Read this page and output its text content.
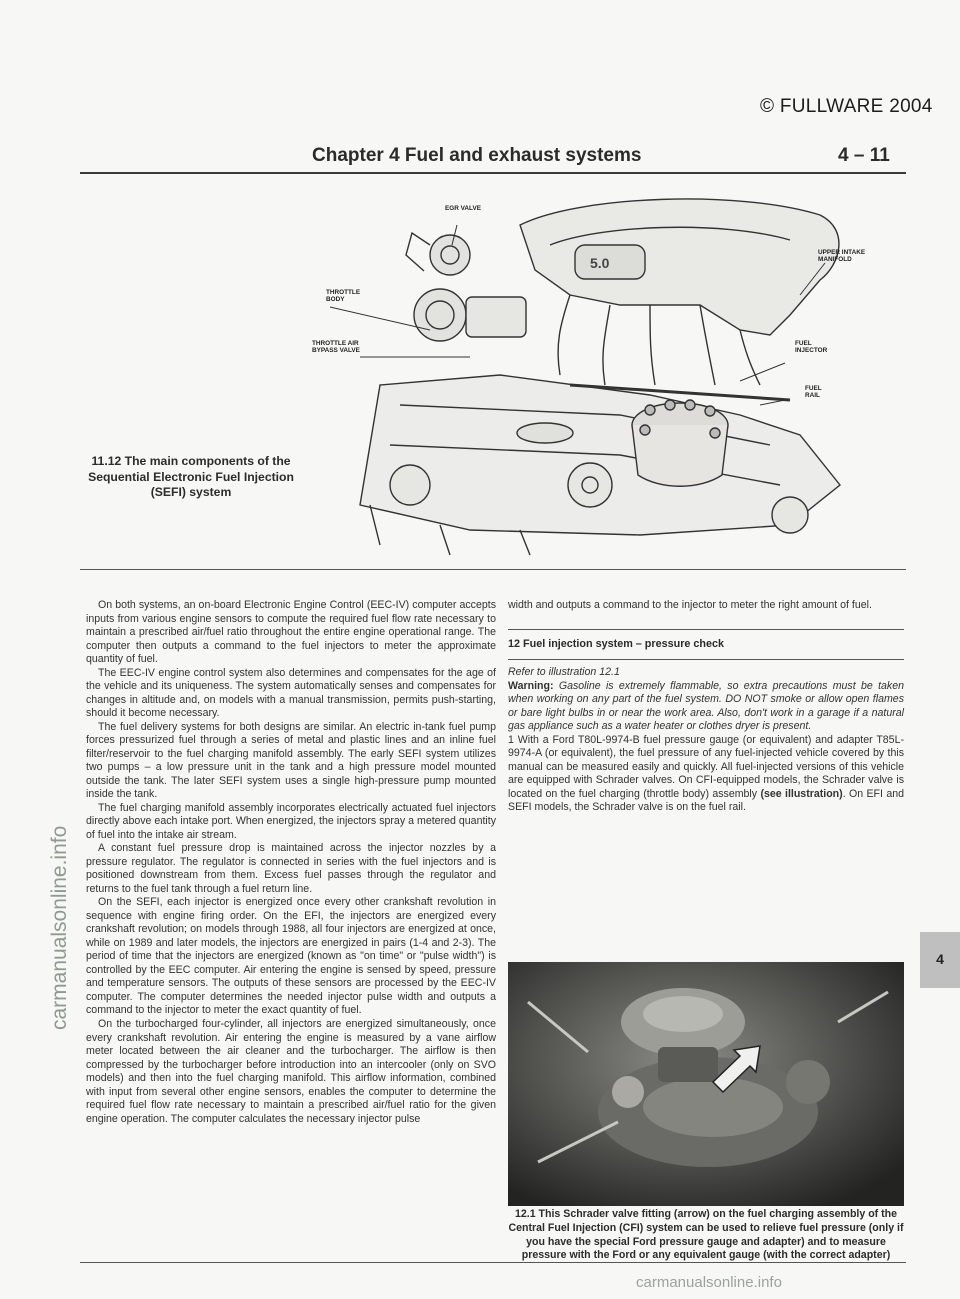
© FULLWARE 2004
Chapter 4 Fuel and exhaust systems	4 – 11
5.0
EGR VALVE
UPPER INTAKE MANIFOLD
THROTTLE BODY
THROTTLE AIR BYPASS VALVE
FUEL INJECTOR
FUEL RAIL
11.12 The main components of the Sequential Electronic Fuel Injection (SEFI) system
carmanualsonline.info

On both systems, an on-board Electronic Engine Control (EEC-IV) computer accepts inputs from various engine sensors to compute the required fuel flow rate necessary to maintain a prescribed air/fuel ratio throughout the entire engine operational range. The computer then outputs a command to the fuel injectors to meter the approximate quantity of fuel.

The EEC-IV engine control system also determines and compensates for the age of the vehicle and its uniqueness. The system automatically senses and compensates for changes in altitude and, on models with a manual transmission, permits push-starting, should it become necessary.

The fuel delivery systems for both designs are similar. An electric in-tank fuel pump forces pressurized fuel through a series of metal and plastic lines and an inline fuel filter/reservoir to the fuel charging manifold assembly. The early SEFI system utilizes two pumps – a low pressure unit in the tank and a high pressure model mounted outside the tank. The later SEFI system uses a single high-pressure pump mounted inside the tank.

The fuel charging manifold assembly incorporates electrically actuated fuel injectors directly above each intake port. When energized, the injectors spray a metered quantity of fuel into the intake air stream.

A constant fuel pressure drop is maintained across the injector nozzles by a pressure regulator. The regulator is connected in series with the fuel injectors and is positioned downstream from them. Excess fuel passes through the regulator and returns to the fuel tank through a fuel return line.

On the SEFI, each injector is energized once every other crankshaft revolution in sequence with engine firing order. On the EFI, the injectors are energized every crankshaft revolution; on models through 1988, all four injectors are energized at once, while on 1989 and later models, the injectors are energized in pairs (1-4 and 2-3). The period of time that the injectors are energized (known as "on time" or "pulse width") is controlled by the EEC computer. Air entering the engine is sensed by speed, pressure and temperature sensors. The outputs of these sensors are processed by the EEC-IV computer. The computer determines the needed injector pulse width and outputs a command to the injector to meter the exact quantity of fuel.

On the turbocharged four-cylinder, all injectors are energized simultaneously, once every crankshaft revolution. Air entering the engine is measured by a vane airflow meter located between the air cleaner and the turbocharger. The airflow is then compressed by the turbocharger before introduction into an intercooler (only on SVO models) and then into the fuel charging manifold. This airflow information, combined with input from several other engine sensors, enables the computer to determine the required fuel flow rate necessary to maintain a prescribed air/fuel ratio for the given engine operation. The computer calculates the necessary injector pulse

width and outputs a command to the injector to meter the right amount of fuel.

12 Fuel injection system – pressure check

Refer to illustration 12.1

Warning: Gasoline is extremely flammable, so extra precautions must be taken when working on any part of the fuel system. DO NOT smoke or allow open flames or bare light bulbs in or near the work area. Also, don't work in a garage if a natural gas appliance such as a water heater or clothes dryer is present.

1 With a Ford T80L-9974-B fuel pressure gauge (or equivalent) and adapter T85L-9974-A (or equivalent), the fuel pressure of any fuel-injected vehicle covered by this manual can be measured easily and quickly. All fuel-injected versions of this vehicle are equipped with Schrader valves. On CFI-equipped models, the Schrader valve is located on the fuel charging (throttle body) assembly (see illustration). On EFI and SEFI models, the Schrader valve is on the fuel rail.

12.1 This Schrader valve fitting (arrow) on the fuel charging assembly of the Central Fuel Injection (CFI) system can be used to relieve fuel pressure (only if you have the special Ford pressure gauge and adapter) and to measure pressure with the Ford or any equivalent gauge (with the correct adapter)
4
carmanualsonline.info
